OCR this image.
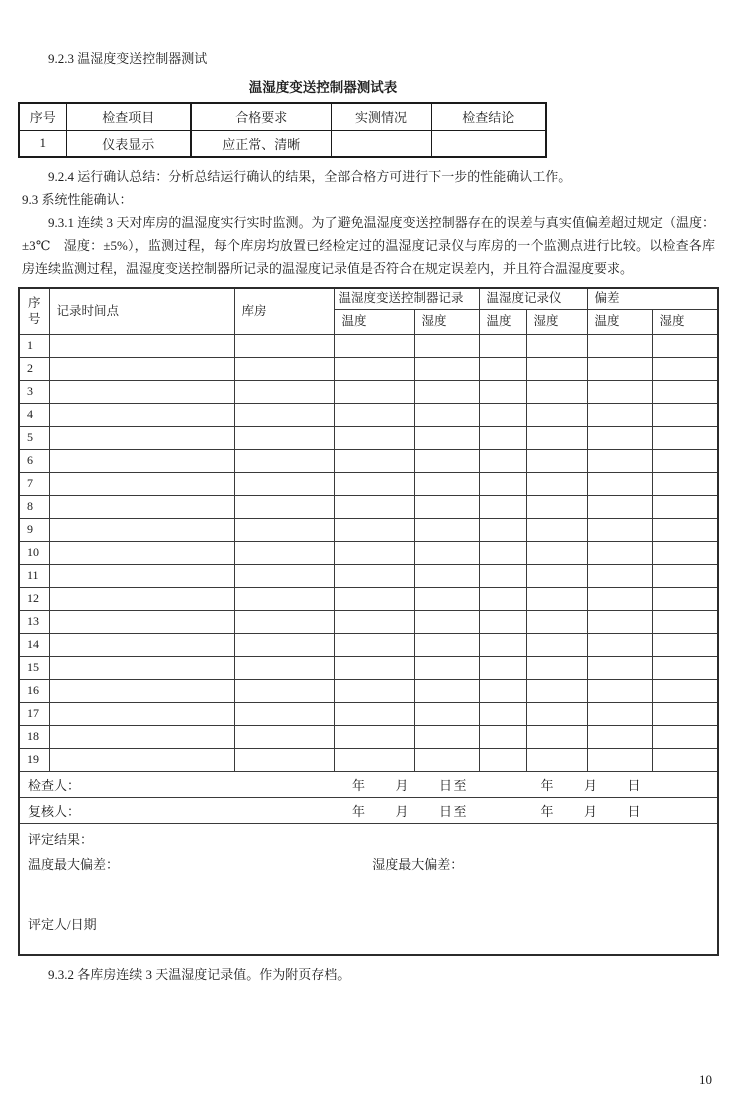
9.2.3 温湿度变送控制器测试
温湿度变送控制器测试表
序号	检查项目	合格要求	实测情况	检查结论
1	仪表显示	应正常、清晰		
9.2.4 运行确认总结：分析总结运行确认的结果，全部合格方可进行下一步的性能确认工作。
9.3 系统性能确认：
9.3.1 连续 3 天对库房的温湿度实行实时监测。为了避免温湿度变送控制器存在的误差与真实值偏差超过规定（温度：±3℃　湿度：±5%），监测过程，每个库房均放置已经检定过的温湿度记录仪与库房的一个监测点进行比较。以检查各库房连续监测过程，温湿度变送控制器所记录的温湿度记录值是否符合在规定误差内，并且符合温湿度要求。
序
号	记录时间点	库房	温湿度变送控制器记录		温湿度记录仪		偏差	
			温度	湿度	温度	湿度	温度	湿度
1								
2								
3								
4								
5								
6								
7								
8								
9								
10								
11								
12								
13								
14								
15								
16								
17								
18								
19								

检查人： 年　　月　　日至　　　　　年　　月　　日								

复核人： 年　　月　　日至　　　　　年　　月　　日								

评定结果：
温度最大偏差： 湿度最大偏差：
评定人/日期								
9.3.2 各库房连续 3 天温湿度记录值。作为附页存档。
10
